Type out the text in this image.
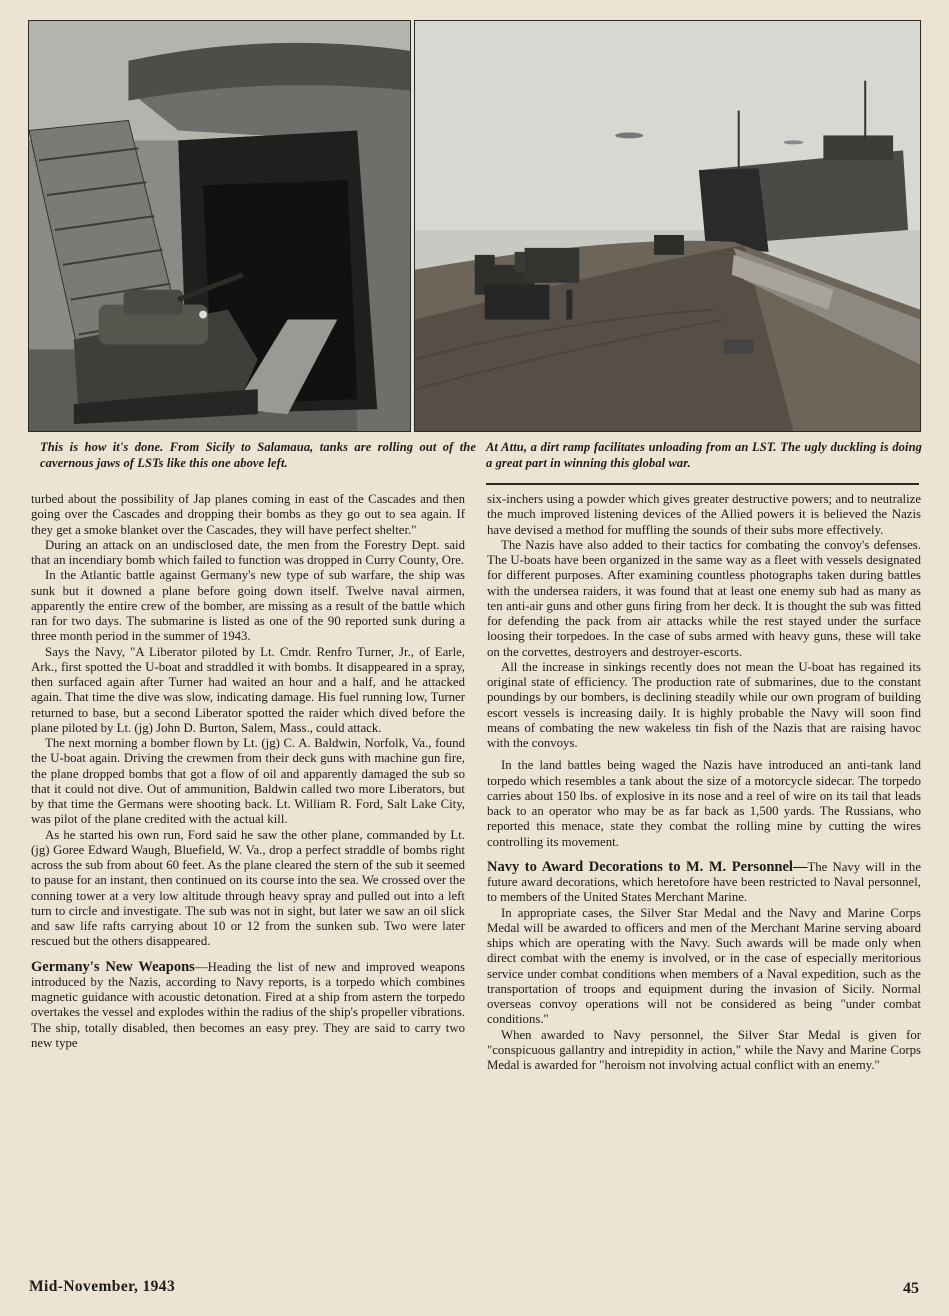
This is how it's done. From Sicily to Salamaua, tanks are rolling out of the cavernous jaws of LSTs like this one above left.
At Attu, a dirt ramp facilitates unloading from an LST. The ugly duckling is doing a great part in winning this global war.

turbed about the possibility of Jap planes coming in east of the Cascades and then going over the Cascades and dropping their bombs as they go out to sea again. If they get a smoke blanket over the Cascades, they will have perfect shelter."

During an attack on an undisclosed date, the men from the Forestry Dept. said that an incendiary bomb which failed to function was dropped in Curry County, Ore.

In the Atlantic battle against Germany's new type of sub warfare, the ship was sunk but it downed a plane before going down itself. Twelve naval airmen, apparently the entire crew of the bomber, are missing as a result of the battle which ran for two days. The submarine is listed as one of the 90 reported sunk during a three month period in the summer of 1943.

Says the Navy, "A Liberator piloted by Lt. Cmdr. Renfro Turner, Jr., of Earle, Ark., first spotted the U-boat and straddled it with bombs. It disappeared in a spray, then surfaced again after Turner had waited an hour and a half, and he attacked again. That time the dive was slow, indicating damage. His fuel running low, Turner returned to base, but a second Liberator spotted the raider which dived before the plane piloted by Lt. (jg) John D. Burton, Salem, Mass., could attack.

The next morning a bomber flown by Lt. (jg) C. A. Baldwin, Norfolk, Va., found the U-boat again. Driving the crewmen from their deck guns with machine gun fire, the plane dropped bombs that got a flow of oil and apparently damaged the sub so that it could not dive. Out of ammunition, Baldwin called two more Liberators, but by that time the Germans were shooting back. Lt. William R. Ford, Salt Lake City, was pilot of the plane credited with the actual kill.

As he started his own run, Ford said he saw the other plane, commanded by Lt. (jg) Goree Edward Waugh, Bluefield, W. Va., drop a perfect straddle of bombs right across the sub from about 60 feet. As the plane cleared the stern of the sub it seemed to pause for an instant, then continued on its course into the sea. We crossed over the conning tower at a very low altitude through heavy spray and pulled out into a left turn to circle and investigate. The sub was not in sight, but later we saw an oil slick and saw life rafts carrying about 10 or 12 from the sunken sub. Two were later rescued but the others disappeared.

Germany's New Weapons—Heading the list of new and improved weapons introduced by the Nazis, according to Navy reports, is a torpedo which combines magnetic guidance with acoustic detonation. Fired at a ship from astern the torpedo overtakes the vessel and explodes within the radius of the ship's propeller vibrations. The ship, totally disabled, then becomes an easy prey. They are said to carry two new type

six-inchers using a powder which gives greater destructive powers; and to neutralize the much improved listening devices of the Allied powers it is believed the Nazis have devised a method for muffling the sounds of their subs more effectively.

The Nazis have also added to their tactics for combating the convoy's defenses. The U-boats have been organized in the same way as a fleet with vessels designated for different purposes. After examining countless photographs taken during battles with the undersea raiders, it was found that at least one enemy sub had as many as ten anti-air guns and other guns firing from her deck. It is thought the sub was fitted for defending the pack from air attacks while the rest stayed under the surface loosing their torpedoes. In the case of subs armed with heavy guns, these will take on the corvettes, destroyers and destroyer-escorts.

All the increase in sinkings recently does not mean the U-boat has regained its original state of efficiency. The production rate of submarines, due to the constant poundings by our bombers, is declining steadily while our own program of building escort vessels is increasing daily. It is highly probable the Navy will soon find means of combating the new wakeless tin fish of the Nazis that are raising havoc with the convoys.

In the land battles being waged the Nazis have introduced an anti-tank land torpedo which resembles a tank about the size of a motorcycle sidecar. The torpedo carries about 150 lbs. of explosive in its nose and a reel of wire on its tail that leads back to an operator who may be as far back as 1,500 yards. The Russians, who reported this menace, state they combat the rolling mine by cutting the wires controlling its movement.

Navy to Award Decorations to M. M. Personnel—The Navy will in the future award decorations, which heretofore have been restricted to Naval personnel, to members of the United States Merchant Marine.

In appropriate cases, the Silver Star Medal and the Navy and Marine Corps Medal will be awarded to officers and men of the Merchant Marine serving aboard ships which are operating with the Navy. Such awards will be made only when direct combat with the enemy is involved, or in the case of especially meritorious service under combat conditions when members of a Naval expedition, such as the transportation of troops and equipment during the invasion of Sicily. Normal overseas convoy operations will not be considered as being "under combat conditions."

When awarded to Navy personnel, the Silver Star Medal is given for "conspicuous gallantry and intrepidity in action," while the Navy and Marine Corps Medal is awarded for "heroism not involving actual conflict with an enemy."

Mid-November, 1943	45
